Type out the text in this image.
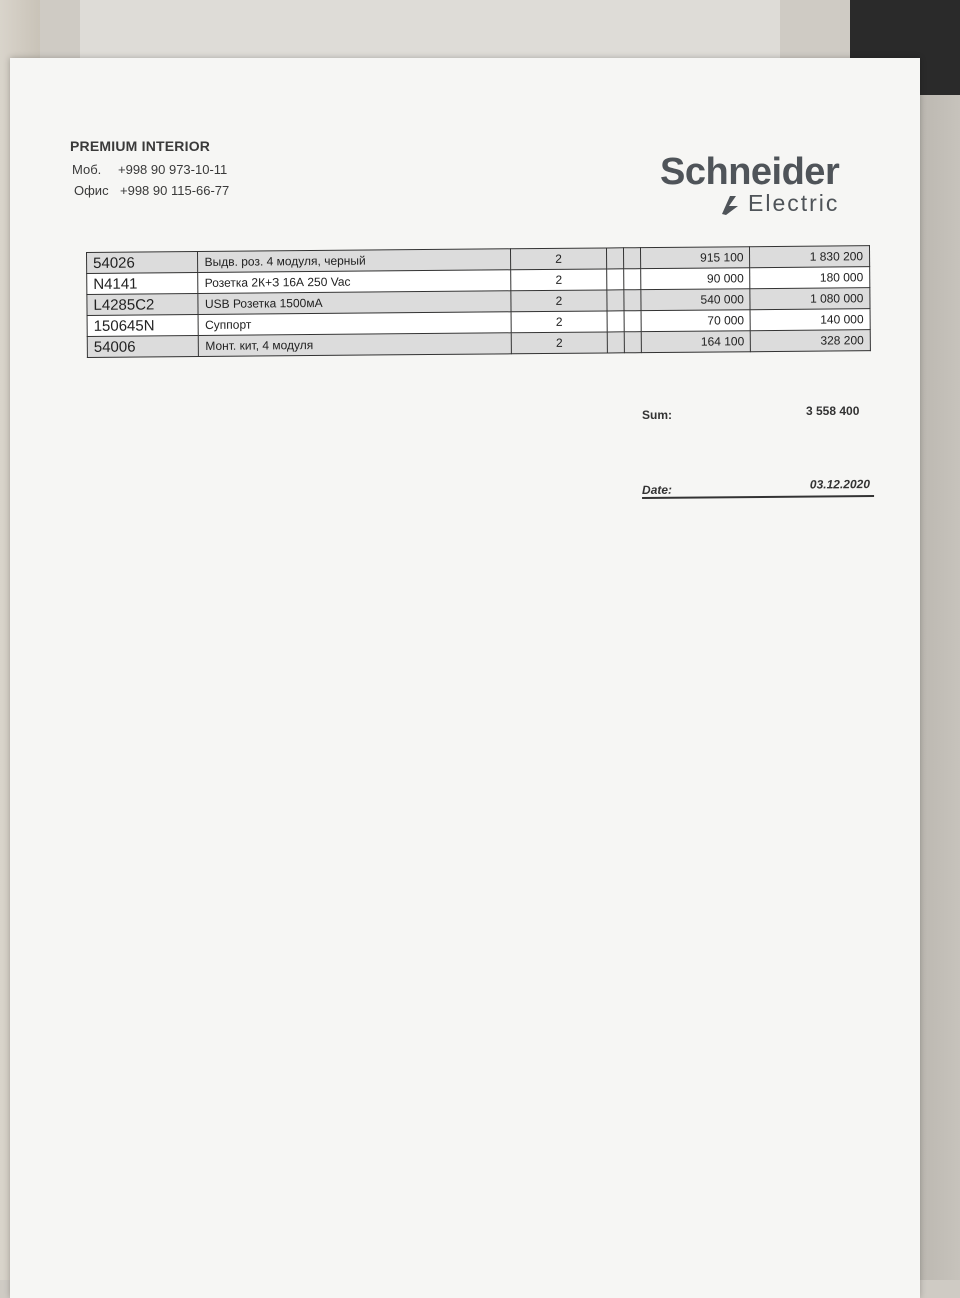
PREMIUM INTERIOR
Моб. +998 90 973-10-11
Офис +998 90 115-66-77	Schneider
Electric
54026	Выдв. роз. 4 модуля, черный	2			915 100	1 830 200
N4141	Розетка 2К+З 16А 250 Vac	2			90 000	180 000
L4285C2	USB Розетка 1500мА	2			540 000	1 080 000
150645N	Суппорт	2			70 000	140 000
54006	Монт. кит, 4 модуля	2			164 100	328 200
Sum:	3 558 400
Date:	03.12.2020
